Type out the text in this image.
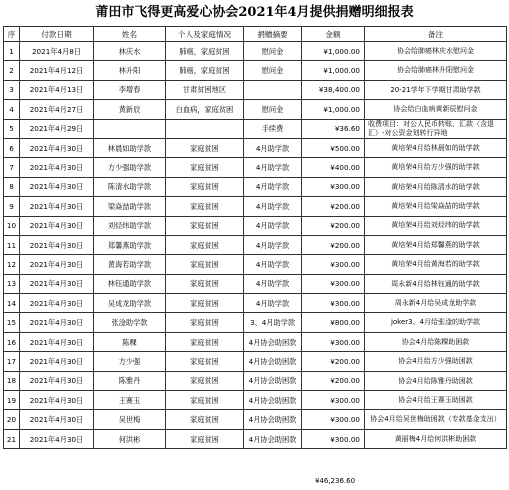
莆田市飞得更高爱心协会2021年4月提供捐赠明细报表
序	付款日期	姓名	个人及家庭情况	捐赠摘要	金额	备注
1	2021年4月8日	林庆水	肺癌，家庭贫困	慰问金	¥1,000.00	协会给肺癌林庆水慰问金
2	2021年4月12日	林升阳	肺癌，家庭贫困	慰问金	¥1,000.00	协会给肺癌林升阳慰问金
3	2021年4月13日	李增春	甘肃贫困地区		¥38,400.00	20-21学年下学期甘肃助学款
4	2021年4月27日	黄新辰	白血病，家庭贫困	慰问金	¥1,000.00	协会给白血病黄新辰慰问金
5	2021年4月29日			手续费	¥36.60	收费项目：对公人民币转账、汇款（含退汇）-对公资金划转行异地
6	2021年4月30日	林晨如助学款	家庭贫困	4月助学款	¥500.00	黄培荣4月给林晨如的助学款
7	2021年4月30日	方少强助学款	家庭贫困	4月助学款	¥400.00	黄培荣4月给方少强的助学款
8	2021年4月30日	陈清水助学款	家庭贫困	4月助学款	¥300.00	黄培荣4月给陈清水的助学款
9	2021年4月30日	梁焱喆助学款	家庭贫困	4月助学款	¥200.00	黄培荣4月给梁焱喆的助学款
10	2021年4月30日	刘烃纬助学款	家庭贫困	4月助学款	¥200.00	黄培荣4月给刘烃纬的助学款
11	2021年4月30日	郑馨燕助学款	家庭贫困	4月助学款	¥200.00	黄培荣4月给郑馨燕的助学款
12	2021年4月30日	黄海若助学款	家庭贫困	4月助学款	¥300.00	黄培荣4月给黄海若的助学款
13	2021年4月30日	林钰通助学款	家庭贫困	4月助学款	¥300.00	周永新4月给林钰通的助学款
14	2021年4月30日	吴成龙助学款	家庭贫困	4月助学款	¥300.00	周永新4月给吴成龙助学款
15	2021年4月30日	张淦助学款	家庭贫困	3、4月助学款	¥800.00	joker3、4月给张淦的助学款
16	2021年4月30日	陈粿	家庭贫困	4月协会助困款	¥300.00	协会4月给陈粿助困款
17	2021年4月30日	方少强	家庭贫困	4月协会助困款	¥200.00	协会4月给方少强助困款
18	2021年4月30日	陈雅丹	家庭贫困	4月协会助困款	¥200.00	协会4月给陈雅丹助困款
19	2021年4月30日	王赛玉	家庭贫困	4月协会助困款	¥300.00	协会4月给王赛玉助困款
20	2021年4月30日	吴世梅	家庭贫困	4月协会助困款	¥300.00	协会4月给吴世梅助困款（专款基金支出）
21	2021年4月30日	何洪彬	家庭贫困	4月协会助困款	¥300.00	黄丽梅4月给何洪彬助困款
¥46,236.60
